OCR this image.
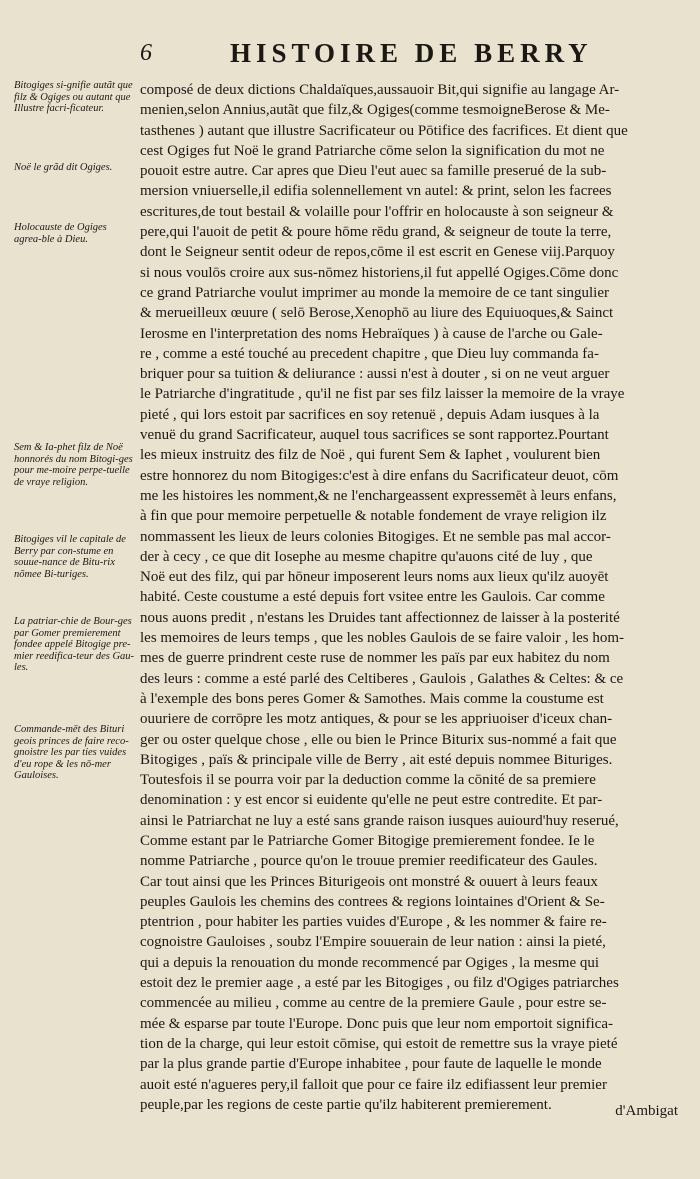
6	HISTOIRE DE BERRY
Bitogiges si-gnifie autãt que filz & Ogiges ou autant que Illustre facri-ficateur.
Noë le grãd dit Ogiges.
Holocauste de Ogiges agrea-ble à Dieu.
Sem & Ia-phet filz de Noë honnorés du nom Bitogi-ges pour me-moire perpe-tuelle de vraye religion.
Bitogiges vil le capitale de Berry par con-stume en souue-nance de Bitu-rix nõmee Bi-turiges.
La patriar-chie de Bour-ges par Gomer premierement fondee appelé Bitogige pre-mier reedifica-teur des Gau-les.
Commande-mēt des Bituri geois princes de faire reco-gnoistre les par ties vuides d'eu rope & les nō-mer Gauloises.
composé de deux dictions Chaldaïques,aussauoir Bit,qui signifie au langage Ar-
menien,selon Annius,autãt que filz,& Ogiges(comme tesmoigneBerose & Me-
tasthenes ) autant que illustre Sacrificateur ou Pōtifice des facrifices. Et dient que
cest Ogiges fut Noë le grand Patriarche cōme selon la signification du mot ne
pouoit estre autre. Car apres que Dieu l'eut auec sa famille preserué de la sub-
mersion vniuerselle,il edifia solennellement vn autel: & print, selon les facrees
escritures,de tout bestail & volaille pour l'offrir en holocauste à son seigneur &
pere,qui l'auoit de petit & poure hōme rēdu grand, & seigneur de toute la terre,
dont le Seigneur sentit odeur de repos,cōme il est escrit en Genese viij.Parquoy
si nous voulōs croire aux sus-nōmez historiens,il fut appellé Ogiges.Cōme donc
ce grand Patriarche voulut imprimer au monde la memoire de ce tant singulier
& merueilleux œuure ( selō Berose,Xenophō au liure des Equiuoques,& Sainct
Ierosme en l'interpretation des noms Hebraïques ) à cause de l'arche ou Gale-
re , comme a esté touché au precedent chapitre , que Dieu luy commanda fa-
briquer pour sa tuition & deliurance : aussi n'est à douter , si on ne veut arguer
le Patriarche d'ingratitude , qu'il ne fist par ses filz laisser la memoire de la vraye
pieté , qui lors estoit par sacrifices en soy retenuë , depuis Adam iusques à la
venuë du grand Sacrificateur, auquel tous sacrifices se sont rapportez.Pourtant
les mieux instruitz des filz de Noë , qui furent Sem & Iaphet , voulurent bien
estre honnorez du nom Bitogiges:c'est à dire enfans du Sacrificateur deuot, cōm
me les histoires les nomment,& ne l'enchargeassent expressemēt à leurs enfans,
à fin que pour memoire perpetuelle & notable fondement de vraye religion ilz
nommassent les lieux de leurs colonies Bitogiges. Et ne semble pas mal accor-
der à cecy , ce que dit Iosephe au mesme chapitre qu'auons cité de luy , que
Noë eut des filz, qui par hōneur imposerent leurs noms aux lieux qu'ilz auoyēt
habité. Ceste coustume a esté depuis fort vsitee entre les Gaulois. Car comme
nous auons predit , n'estans les Druides tant affectionnez de laisser à la posterité
les memoires de leurs temps , que les nobles Gaulois de se faire valoir , les hom-
mes de guerre prindrent ceste ruse de nommer les païs par eux habitez du nom
des leurs : comme a esté parlé des Celtiberes , Gaulois , Galathes & Celtes: & ce
à l'exemple des bons peres Gomer & Samothes. Mais comme la coustume est
ouuriere de corrōpre les motz antiques, & pour se les appriuoiser d'iceux chan-
ger ou oster quelque chose , elle ou bien le Prince Biturix sus-nommé a fait que
Bitogiges , païs & principale ville de Berry , ait esté depuis nommee Bituriges.
Toutesfois il se pourra voir par la deduction comme la cōnité de sa premiere
denomination : y est encor si euidente qu'elle ne peut estre contredite. Et par-
ainsi le Patriarchat ne luy a esté sans grande raison iusques auiourd'huy reserué,
Comme estant par le Patriarche Gomer Bitogige premierement fondee. Ie le
nomme Patriarche , pource qu'on le trouue premier reedificateur des Gaules.
Car tout ainsi que les Princes Biturigeois ont monstré & ouuert à leurs feaux
peuples Gaulois les chemins des contrees & regions lointaines d'Orient & Se-
ptentrion , pour habiter les parties vuides d'Europe , & les nommer & faire re-
cognoistre Gauloises , soubz l'Empire souuerain de leur nation : ainsi la pieté,
qui a depuis la renouation du monde recommencé par Ogiges , la mesme qui
estoit dez le premier aage , a esté par les Bitogiges , ou filz d'Ogiges patriarches
commencée au milieu , comme au centre de la premiere Gaule , pour estre se-
mée & esparse par toute l'Europe. Donc puis que leur nom emportoit significa-
tion de la charge, qui leur estoit cōmise, qui estoit de remettre sus la vraye pieté
par la plus grande partie d'Europe inhabitee , pour faute de laquelle le monde
auoit esté n'agueres pery,il falloit que pour ce faire ilz edifiassent leur premier
peuple,par les regions de ceste partie qu'ilz habiterent premierement.	d'Ambigat
